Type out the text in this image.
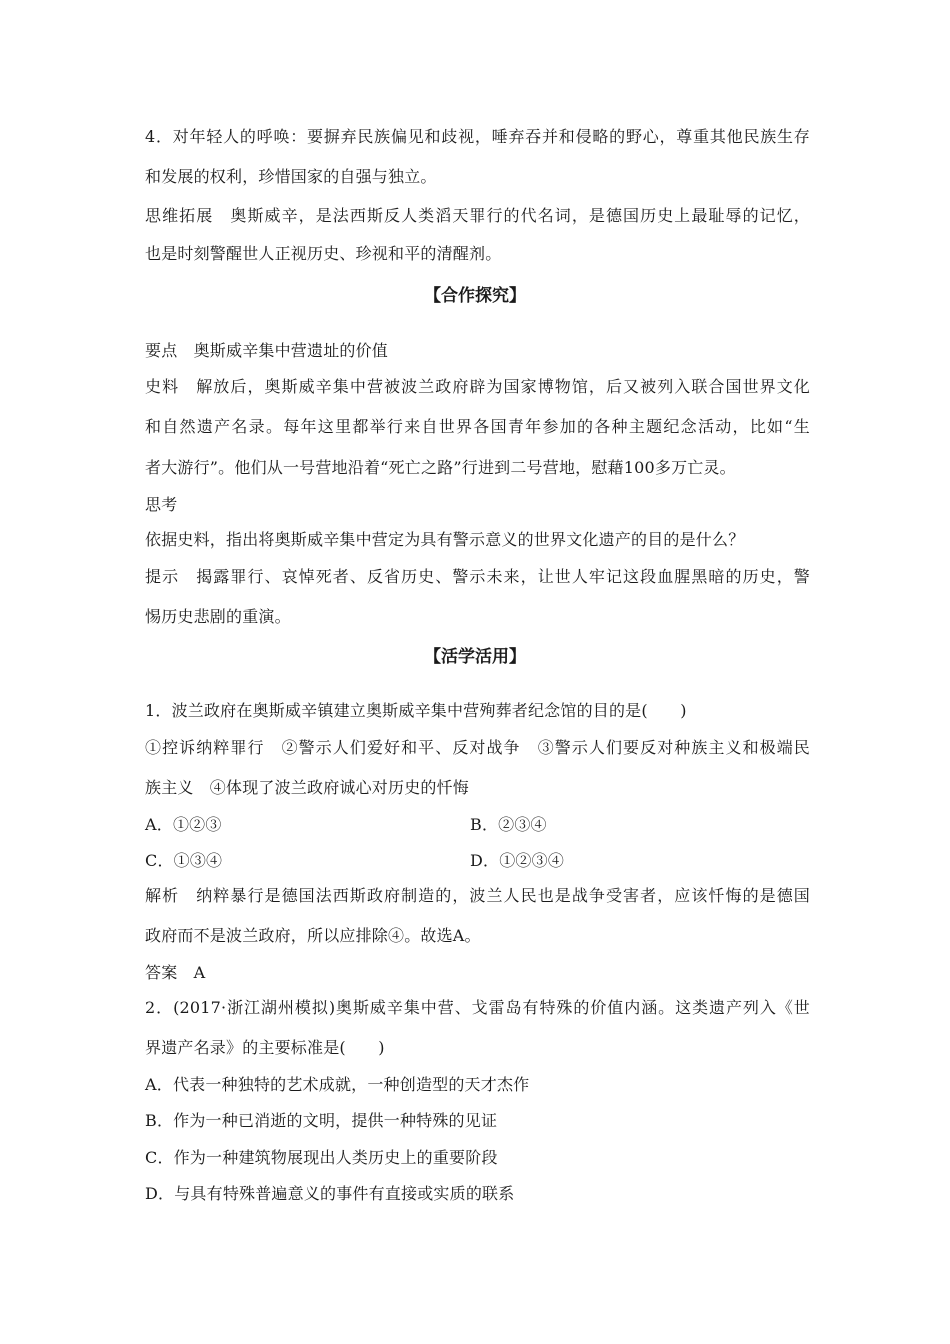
4．对年轻人的呼唤：要摒弃民族偏见和歧视，唾弃吞并和侵略的野心，尊重其他民族生存
和发展的权利，珍惜国家的自强与独立。
思维拓展　奥斯威辛，是法西斯反人类滔天罪行的代名词，是德国历史上最耻辱的记忆，
也是时刻警醒世人正视历史、珍视和平的清醒剂。
【合作探究】
要点　奥斯威辛集中营遗址的价值
史料　解放后，奥斯威辛集中营被波兰政府辟为国家博物馆，后又被列入联合国世界文化
和自然遗产名录。每年这里都举行来自世界各国青年参加的各种主题纪念活动，比如“生
者大游行”。他们从一号营地沿着“死亡之路”行进到二号营地，慰藉100多万亡灵。
思考
依据史料，指出将奥斯威辛集中营定为具有警示意义的世界文化遗产的目的是什么？
提示　揭露罪行、哀悼死者、反省历史、警示未来，让世人牢记这段血腥黑暗的历史，警
惕历史悲剧的重演。
【活学活用】
1．波兰政府在奥斯威辛镇建立奥斯威辛集中营殉葬者纪念馆的目的是(　　)
①控诉纳粹罪行　②警示人们爱好和平、反对战争　③警示人们要反对种族主义和极端民
族主义　④体现了波兰政府诚心对历史的忏悔
A．①②③	B．②③④
C．①③④	D．①②③④
解析　纳粹暴行是德国法西斯政府制造的，波兰人民也是战争受害者，应该忏悔的是德国
政府而不是波兰政府，所以应排除④。故选A。
答案　A
2．(2017·浙江湖州模拟)奥斯威辛集中营、戈雷岛有特殊的价值内涵。这类遗产列入《世
界遗产名录》的主要标准是(　　)
A．代表一种独特的艺术成就，一种创造型的天才杰作
B．作为一种已消逝的文明，提供一种特殊的见证
C．作为一种建筑物展现出人类历史上的重要阶段
D．与具有特殊普遍意义的事件有直接或实质的联系
